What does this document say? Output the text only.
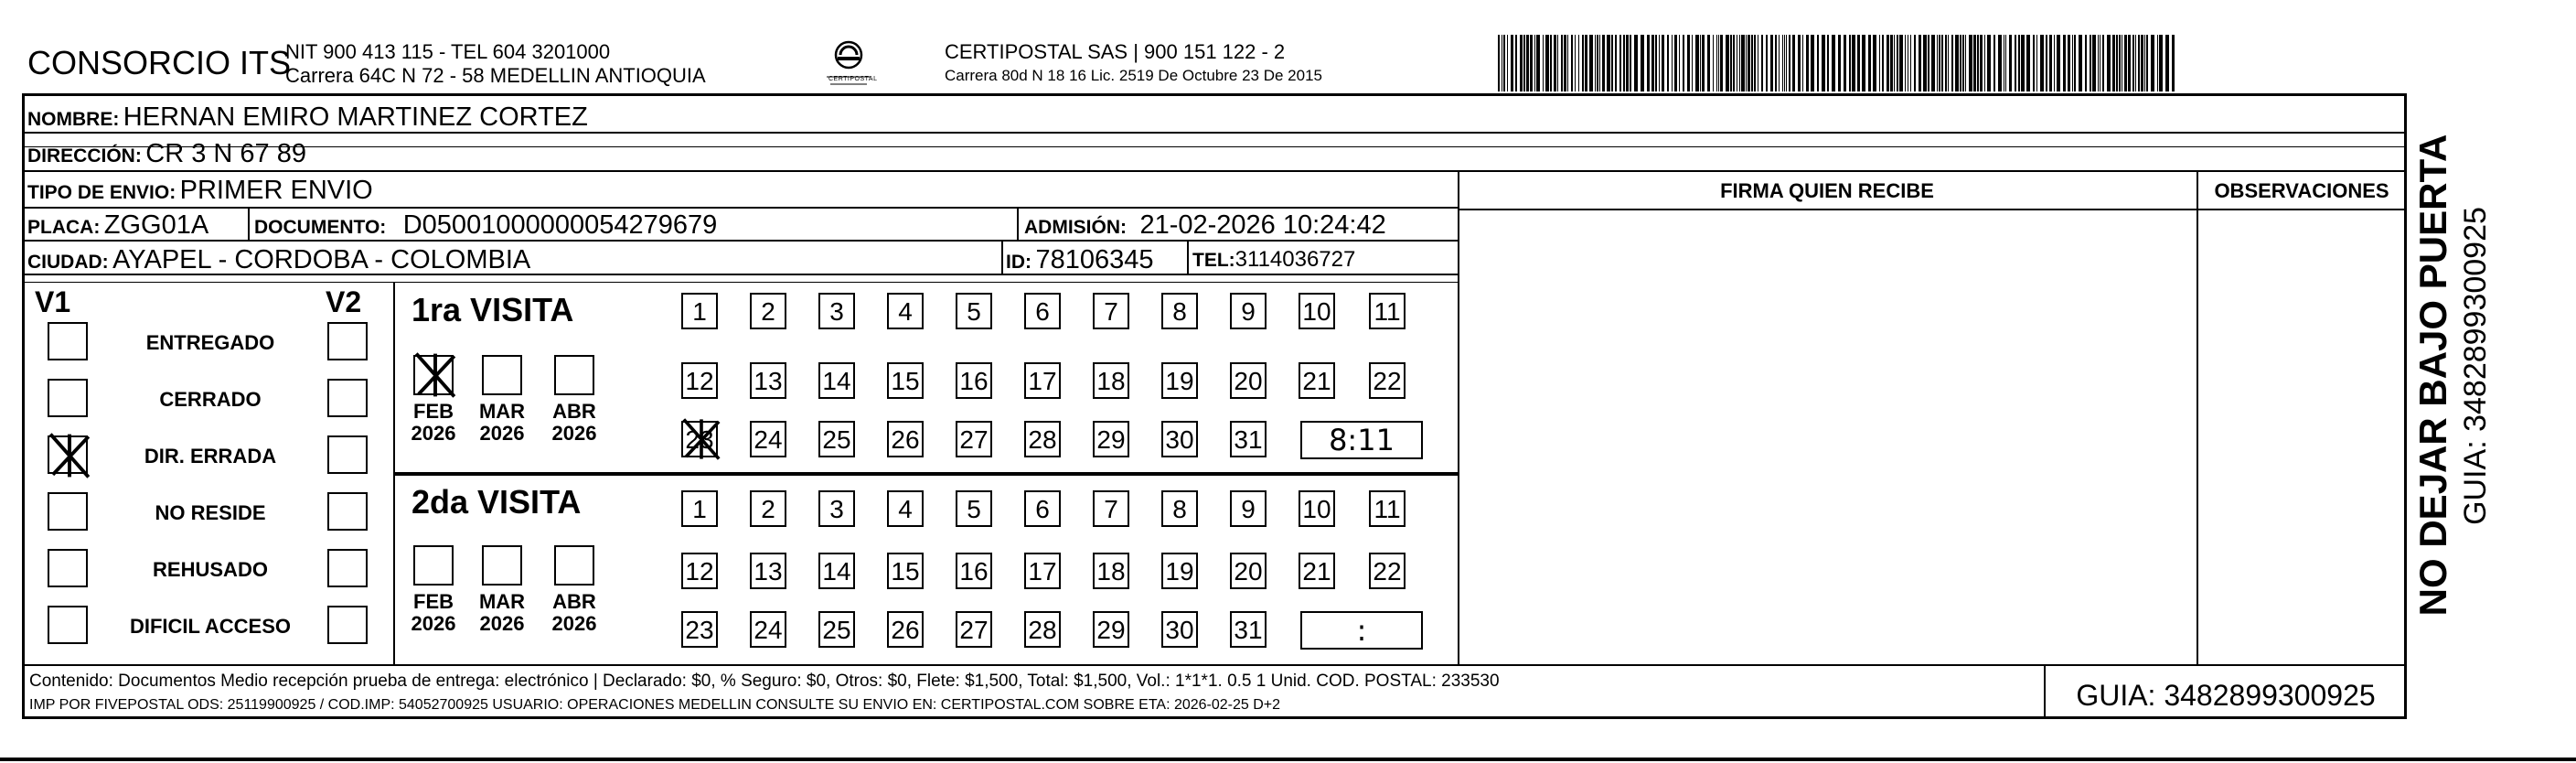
CONSORCIO ITS
NIT 900 413 115 - TEL 604 3201000
Carrera 64C N 72 - 58 MEDELLIN ANTIOQUIA	CERTIPOSTAL
CERTIPOSTAL SAS | 900 151 122 - 2
Carrera 80d N 18 16 Lic. 2519 De Octubre 23 De 2015
NOMBRE: HERNAN EMIRO MARTINEZ CORTEZ
DIRECCIÓN: CR 3 N 67 89
TIPO DE ENVIO: PRIMER ENVIO
PLACA: ZGG01A DOCUMENTO: D05001000000054279679	ADMISIÓN: 21-02-2026 10:24:42
CIUDAD: AYAPEL - CORDOBA - COLOMBIA	ID: 78106345 TEL:3114036727
FIRMA QUIEN RECIBE	OBSERVACIONES
V1	V2
ENTREGADO
CERRADO
DIR. ERRADA
NO RESIDE
REHUSADO
DIFICIL ACCESO
1ra VISITA
2da VISITA
FEB
2026
MAR
2026
ABR
2026
FEB
2026
MAR
2026
ABR
2026
1 2 3 4 5 6 7 8 9 10 11
12 13 14 15 16 17 18 19 20 21 22
23 24 25 26 27 28 29 30 31	8:11
1 2 3 4 5 6 7 8 9 10 11
12 13 14 15 16 17 18 19 20 21 22
23 24 25 26 27 28 29 30 31	:
Contenido: Documentos Medio recepción prueba de entrega: electrónico | Declarado: $0, % Seguro: $0, Otros: $0, Flete: $1,500, Total: $1,500, Vol.: 1*1*1. 0.5 1 Unid. COD. POSTAL: 233530
IMP POR FIVEPOSTAL ODS: 25119900925 / COD.IMP: 54052700925 USUARIO: OPERACIONES MEDELLIN CONSULTE SU ENVIO EN: CERTIPOSTAL.COM SOBRE ETA: 2026-02-25 D+2	GUIA: 3482899300925
NO DEJAR BAJO PUERTA GUIA: 3482899300925
